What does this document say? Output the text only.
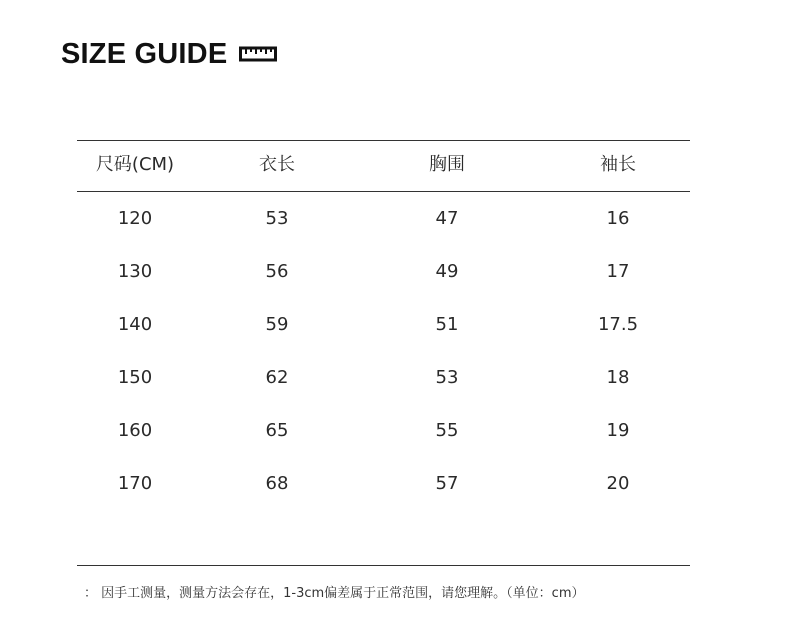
SIZE GUIDE
尺码(CM)	衣长	胸围	袖长
120	53	47	16
130	56	49	17
140	59	51	17.5
150	62	53	18
160	65	55	19
170	68	57	20
： 因手工测量，测量方法会存在，1-3cm偏差属于正常范围，请您理解。（单位：cm）
